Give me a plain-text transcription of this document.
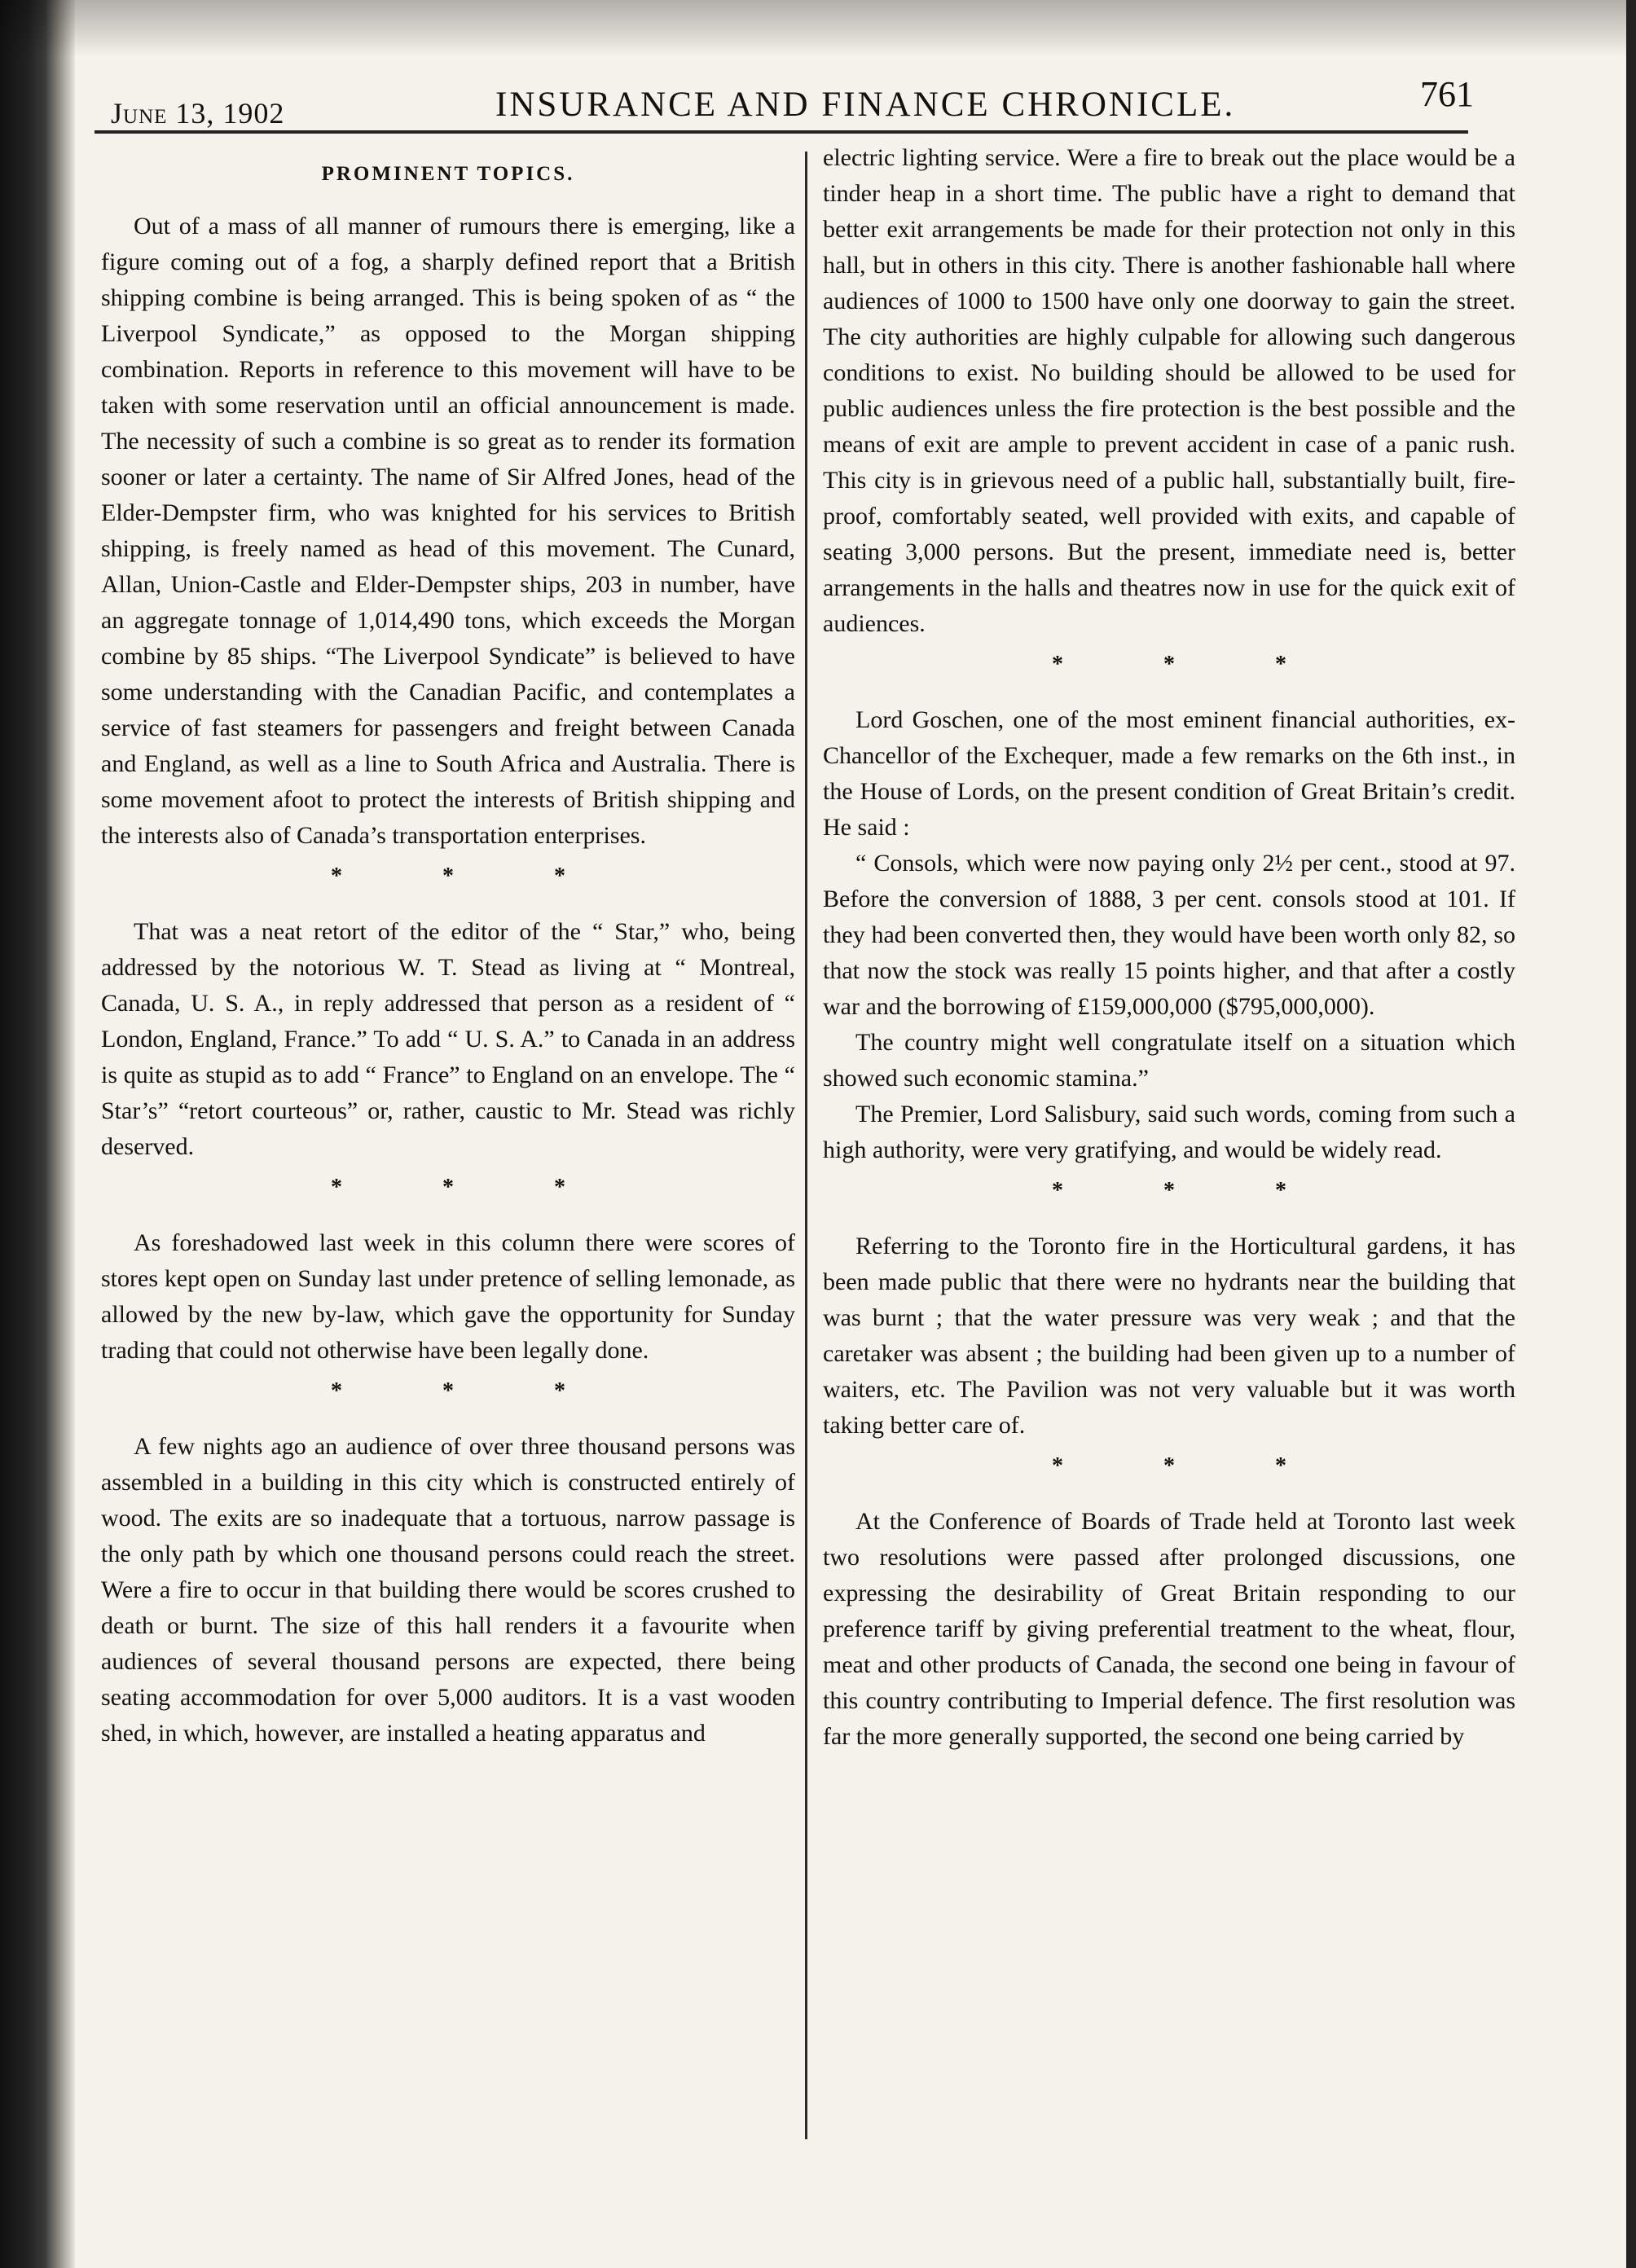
June 13, 1902	INSURANCE AND FINANCE CHRONICLE.	761
PROMINENT TOPICS.

Out of a mass of all manner of rumours there is emerging, like a figure coming out of a fog, a sharply defined report that a British shipping combine is being arranged. This is being spoken of as “ the Liverpool Syndicate,” as opposed to the Morgan shipping combination. Reports in reference to this movement will have to be taken with some reservation until an official announcement is made. The necessity of such a combine is so great as to render its formation sooner or later a certainty. The name of Sir Alfred Jones, head of the Elder-Dempster firm, who was knighted for his services to British shipping, is freely named as head of this movement. The Cunard, Allan, Union-Castle and Elder-Dempster ships, 203 in number, have an aggregate tonnage of 1,014,490 tons, which exceeds the Morgan combine by 85 ships. “The Liverpool Syndicate” is believed to have some understanding with the Canadian Pacific, and contemplates a service of fast steamers for passengers and freight between Canada and England, as well as a line to South Africa and Australia. There is some movement afoot to protect the interests of British shipping and the interests also of Canada’s transportation enterprises.

* * *

That was a neat retort of the editor of the “ Star,” who, being addressed by the notorious W. T. Stead as living at “ Montreal, Canada, U. S. A., in reply addressed that person as a resident of “ London, England, France.” To add “ U. S. A.” to Canada in an address is quite as stupid as to add “ France” to England on an envelope. The “ Star’s” “retort courteous” or, rather, caustic to Mr. Stead was richly deserved.

* * *

As foreshadowed last week in this column there were scores of stores kept open on Sunday last under pretence of selling lemonade, as allowed by the new by-law, which gave the opportunity for Sunday trading that could not otherwise have been legally done.

* * *

A few nights ago an audience of over three thousand persons was assembled in a building in this city which is constructed entirely of wood. The exits are so inadequate that a tortuous, narrow passage is the only path by which one thousand persons could reach the street. Were a fire to occur in that building there would be scores crushed to death or burnt. The size of this hall renders it a favourite when audiences of several thousand persons are expected, there being seating accommodation for over 5,000 auditors. It is a vast wooden shed, in which, however, are installed a heating apparatus and

electric lighting service. Were a fire to break out the place would be a tinder heap in a short time. The public have a right to demand that better exit arrangements be made for their protection not only in this hall, but in others in this city. There is another fashionable hall where audiences of 1000 to 1500 have only one doorway to gain the street. The city authorities are highly culpable for allowing such dangerous conditions to exist. No building should be allowed to be used for public audiences unless the fire protection is the best possible and the means of exit are ample to prevent accident in case of a panic rush. This city is in grievous need of a public hall, substantially built, fire-proof, comfortably seated, well provided with exits, and capable of seating 3,000 persons. But the present, immediate need is, better arrangements in the halls and theatres now in use for the quick exit of audiences.

* * *

Lord Goschen, one of the most eminent financial authorities, ex-Chancellor of the Exchequer, made a few remarks on the 6th inst., in the House of Lords, on the present condition of Great Britain’s credit. He said :

“ Consols, which were now paying only 2½ per cent., stood at 97. Before the conversion of 1888, 3 per cent. consols stood at 101. If they had been converted then, they would have been worth only 82, so that now the stock was really 15 points higher, and that after a costly war and the borrowing of £159,000,000 ($795,000,000).

The country might well congratulate itself on a situation which showed such economic stamina.”

The Premier, Lord Salisbury, said such words, coming from such a high authority, were very gratifying, and would be widely read.

* * *

Referring to the Toronto fire in the Horticultural gardens, it has been made public that there were no hydrants near the building that was burnt ; that the water pressure was very weak ; and that the caretaker was absent ; the building had been given up to a number of waiters, etc. The Pavilion was not very valuable but it was worth taking better care of.

* * *

At the Conference of Boards of Trade held at Toronto last week two resolutions were passed after prolonged discussions, one expressing the desirability of Great Britain responding to our preference tariff by giving preferential treatment to the wheat, flour, meat and other products of Canada, the second one being in favour of this country contributing to Imperial defence. The first resolution was far the more generally supported, the second one being carried by
